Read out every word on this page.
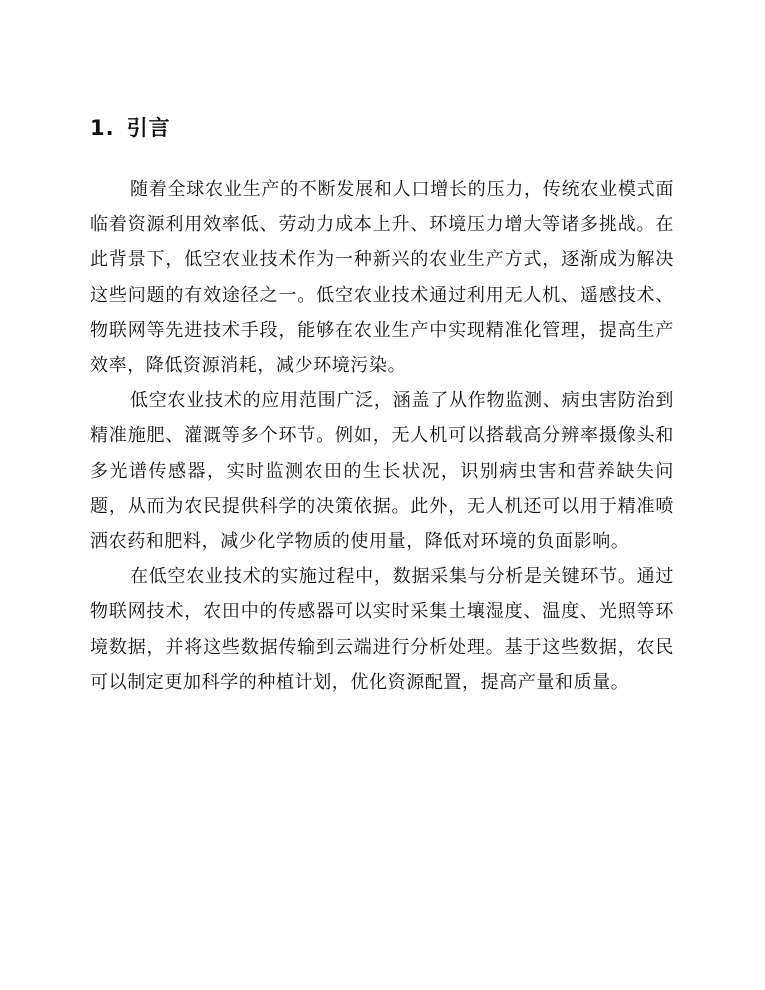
1. 引言

随着全球农业生产的不断发展和人口增长的压力，传统农业模式面临着资源利用效率低、劳动力成本上升、环境压力增大等诸多挑战。在此背景下，低空农业技术作为一种新兴的农业生产方式，逐渐成为解决这些问题的有效途径之一。低空农业技术通过利用无人机、遥感技术、物联网等先进技术手段，能够在农业生产中实现精准化管理，提高生产效率，降低资源消耗，减少环境污染。

低空农业技术的应用范围广泛，涵盖了从作物监测、病虫害防治到精准施肥、灌溉等多个环节。例如，无人机可以搭载高分辨率摄像头和多光谱传感器，实时监测农田的生长状况，识别病虫害和营养缺失问题，从而为农民提供科学的决策依据。此外，无人机还可以用于精准喷洒农药和肥料，减少化学物质的使用量，降低对环境的负面影响。

在低空农业技术的实施过程中，数据采集与分析是关键环节。通过物联网技术，农田中的传感器可以实时采集土壤湿度、温度、光照等环境数据，并将这些数据传输到云端进行分析处理。基于这些数据，农民可以制定更加科学的种植计划，优化资源配置，提高产量和质量。
